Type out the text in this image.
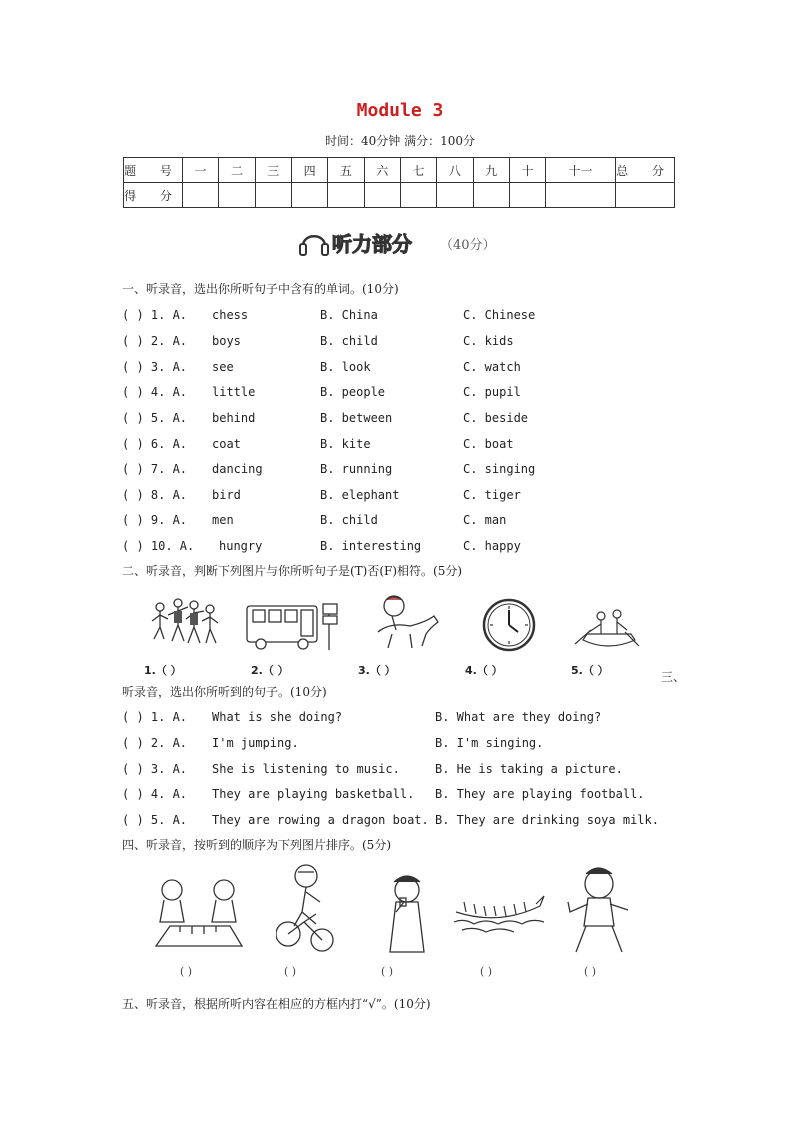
Module 3
时间：40分钟 满分：100分
题 号	一	二	三	四	五	六	七	八	九	十	十一	总 分
得 分												
听力部分 （40分）
一、听录音，选出你所听句子中含有的单词。(10分)
( ) 1. A. chess	B. China	C. Chinese
( ) 2. A. boys	B. child	C. kids
( ) 3. A. see	B. look	C. watch
( ) 4. A. little	B. people	C. pupil
( ) 5. A. behind	B. between	C. beside
( ) 6. A. coat	B. kite	C. boat
( ) 7. A. dancing	B. running	C. singing
( ) 8. A. bird	B. elephant	C. tiger
( ) 9. A. men	B. child	C. man
( ) 10. A. hungry	B. interesting	C. happy
二、听录音，判断下列图片与你所听句子是(T)否(F)相符。(5分)
1.（ ）	2.（ ）	3.（ ）	4.（ ）	5.（ ）	三、
听录音，选出你所听到的句子。(10分)
( ) 1. A. What is she doing?	B. What are they doing?
( ) 2. A. I'm jumping.	B. I'm singing.
( ) 3. A. She is listening to music.	B. He is taking a picture.
( ) 4. A. They are playing basketball. B. They are playing football.
( ) 5. A. They are rowing a dragon boat. B. They are drinking soya milk.
四、听录音，按听到的顺序为下列图片排序。(5分)
( )	( )	( )	( )	( )
五、听录音，根据所听内容在相应的方框内打“√”。(10分)
